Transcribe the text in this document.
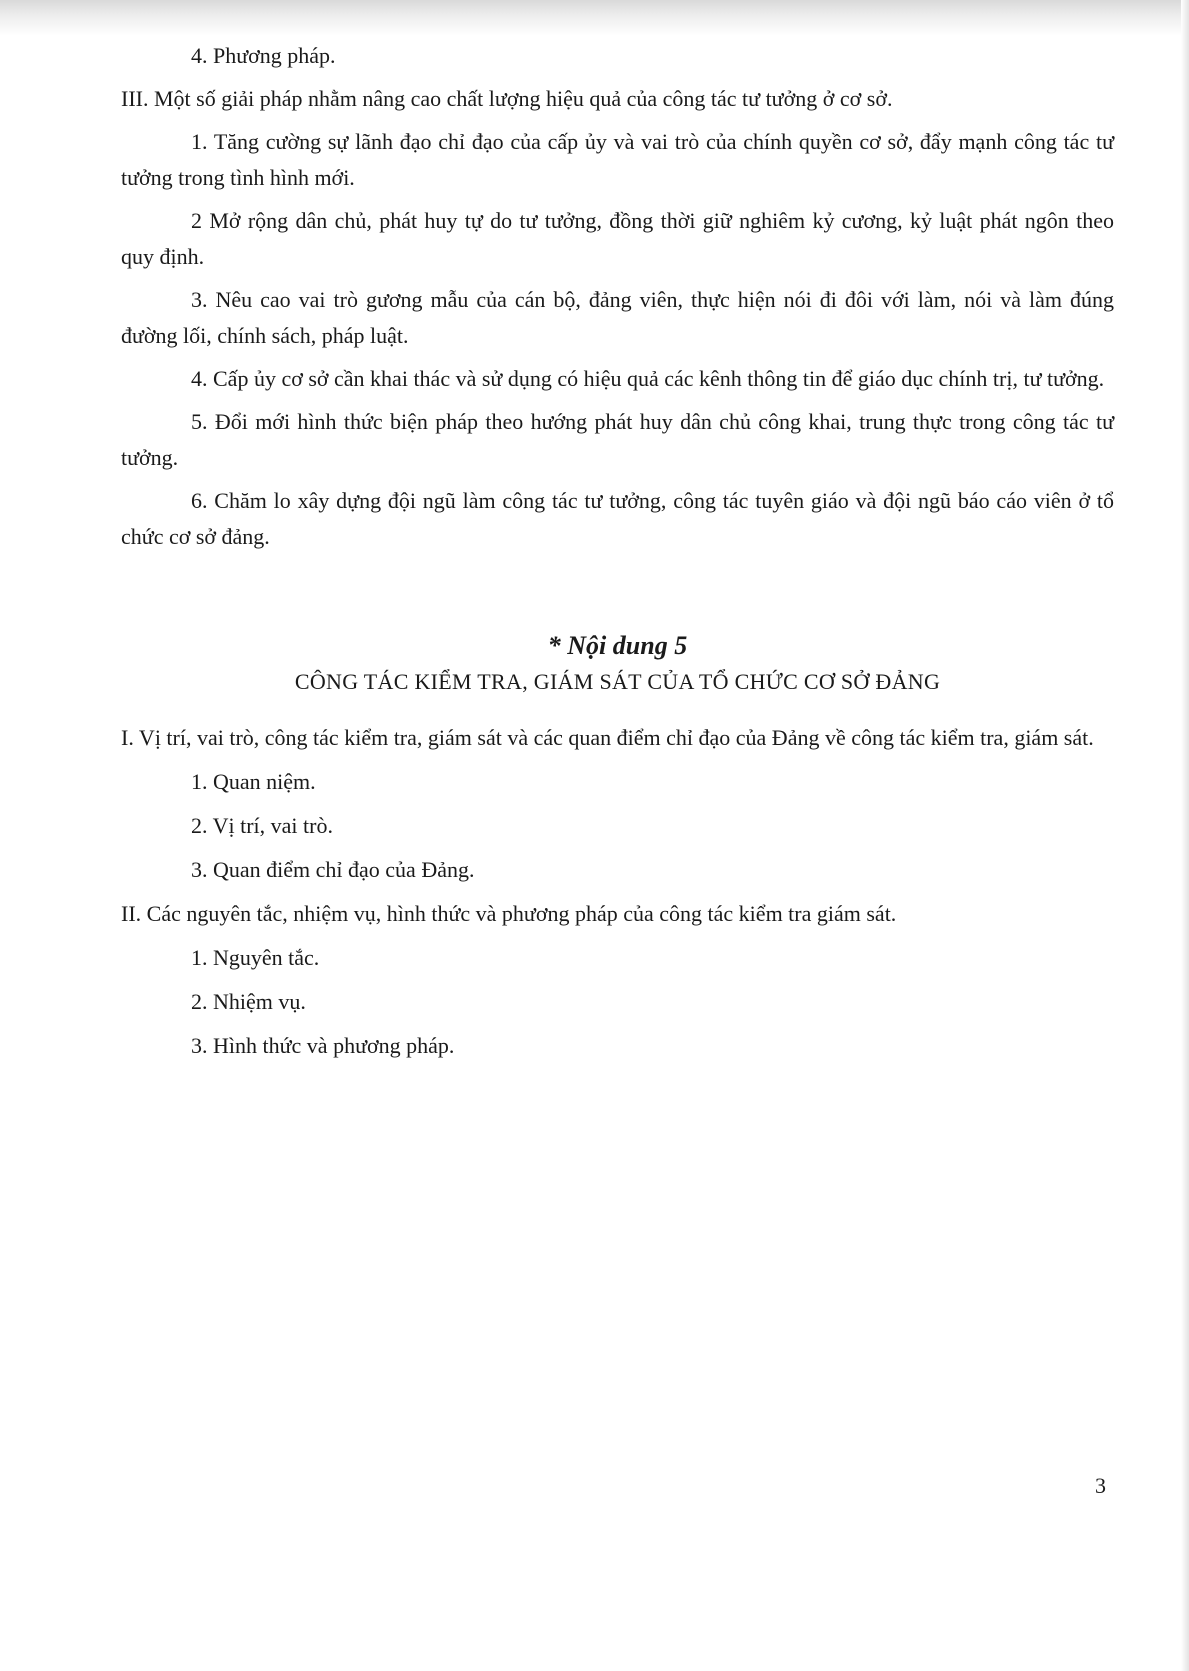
4. Phương pháp.

III. Một số giải pháp nhằm nâng cao chất lượng hiệu quả của công tác tư tưởng ở cơ sở.

1. Tăng cường sự lãnh đạo chỉ đạo của cấp ủy và vai trò của chính quyền cơ sở, đẩy mạnh công tác tư tưởng trong tình hình mới.

2 Mở rộng dân chủ, phát huy tự do tư tưởng, đồng thời giữ nghiêm kỷ cương, kỷ luật phát ngôn theo quy định.

3. Nêu cao vai trò gương mẫu của cán bộ, đảng viên, thực hiện nói đi đôi với làm, nói và làm đúng đường lối, chính sách, pháp luật.

4. Cấp ủy cơ sở cần khai thác và sử dụng có hiệu quả các kênh thông tin để giáo dục chính trị, tư tưởng.

5. Đổi mới hình thức biện pháp theo hướng phát huy dân chủ công khai, trung thực trong công tác tư tưởng.

6. Chăm lo xây dựng đội ngũ làm công tác tư tưởng, công tác tuyên giáo và đội ngũ báo cáo viên ở tổ chức cơ sở đảng.

* Nội dung 5

CÔNG TÁC KIỂM TRA, GIÁM SÁT CỦA TỔ CHỨC CƠ SỞ ĐẢNG

I. Vị trí, vai trò, công tác kiểm tra, giám sát và các quan điểm chỉ đạo của Đảng về công tác kiểm tra, giám sát.

1. Quan niệm.

2. Vị trí, vai trò.

3. Quan điểm chỉ đạo của Đảng.

II. Các nguyên tắc, nhiệm vụ, hình thức và phương pháp của công tác kiểm tra giám sát.

1. Nguyên tắc.

2. Nhiệm vụ.

3. Hình thức và phương pháp.

3
